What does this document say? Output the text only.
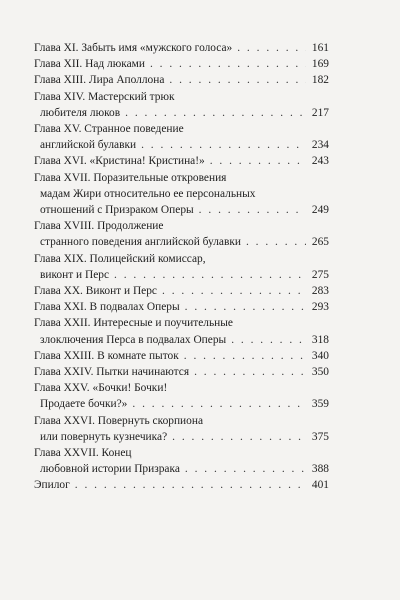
Глава XI. Забыть имя «мужского голоса» . . .	161
Глава XII. Над люками . . .	169
Глава XIII. Лира Аполлона . . .	182
Глава XIV. Мастерский трюк
любителя люков . . .	217
Глава XV. Странное поведение
английской булавки . . .	234
Глава XVI. «Кристина! Кристина!» . . .	243
Глава XVII. Поразительные откровения
мадам Жири относительно ее персональных
отношений с Призраком Оперы . . .	249
Глава XVIII. Продолжение
странного поведения английской булавки . . .	265
Глава XIX. Полицейский комиссар,
виконт и Перс . . .	275
Глава XX. Виконт и Перс . . .	283
Глава XXI. В подвалах Оперы . . .	293
Глава XXII. Интересные и поучительные
злоключения Перса в подвалах Оперы . . .	318
Глава XXIII. В комнате пыток . . .	340
Глава XXIV. Пытки начинаются . . .	350
Глава XXV. «Бочки! Бочки!
Продаете бочки?» . . .	359
Глава XXVI. Повернуть скорпиона
или повернуть кузнечика? . . .	375
Глава XXVII. Конец
любовной истории Призрака . . .	388
Эпилог . . .	401
